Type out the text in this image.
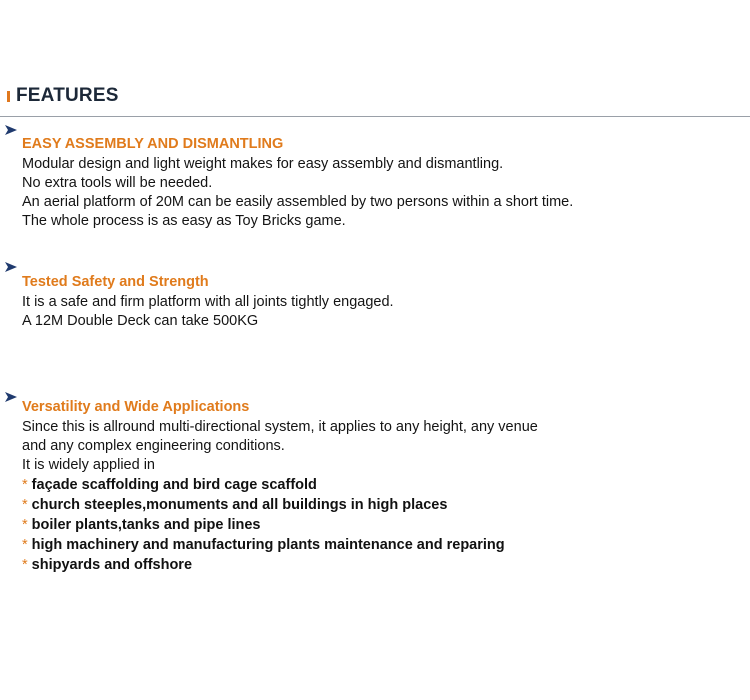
FEATURES
EASY ASSEMBLY AND DISMANTLING
Modular design and light weight makes for easy assembly and dismantling.
No extra tools will be needed.
An aerial platform of 20M can be easily assembled by two persons within a short time.
The whole process is as easy as Toy Bricks game.
Tested Safety and Strength
It is a safe and firm platform with all joints tightly engaged.
A 12M Double Deck can take 500KG
Versatility and Wide Applications
Since this is allround multi-directional system, it applies to any height, any venue
and any complex engineering conditions.
It is widely applied in
* façade scaffolding and bird cage scaffold
* church steeples,monuments and all buildings in high places
* boiler plants,tanks and pipe lines
* high machinery and manufacturing plants maintenance and reparing
* shipyards and offshore
